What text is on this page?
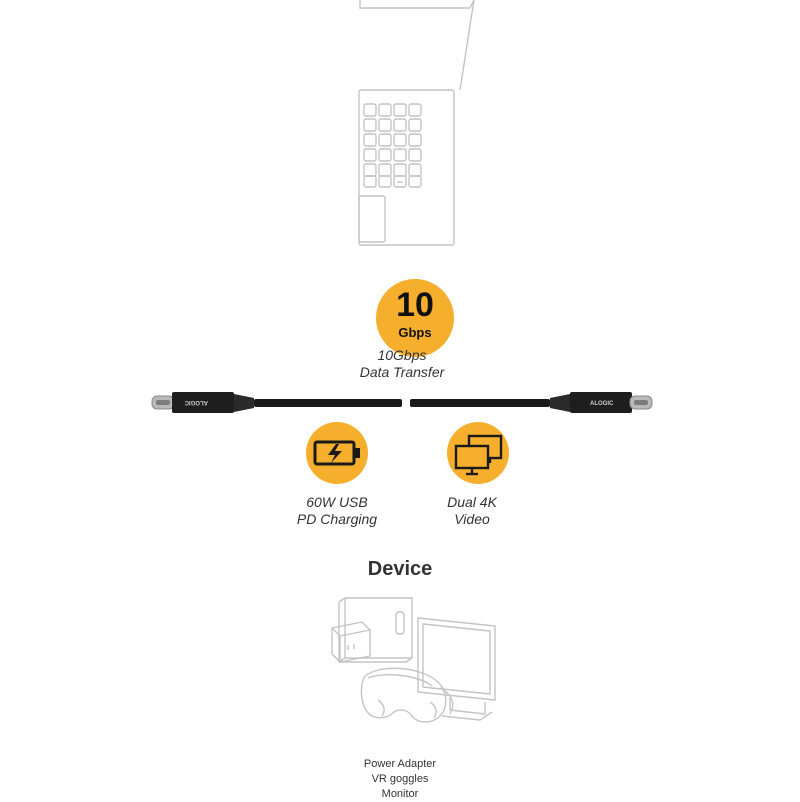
10
Gbps
10Gbps
Data Transfer
ALOGIC	ALOGIC
60W USB
PD Charging
Dual 4K
Video
Device
Power Adapter
VR goggles
Monitor
